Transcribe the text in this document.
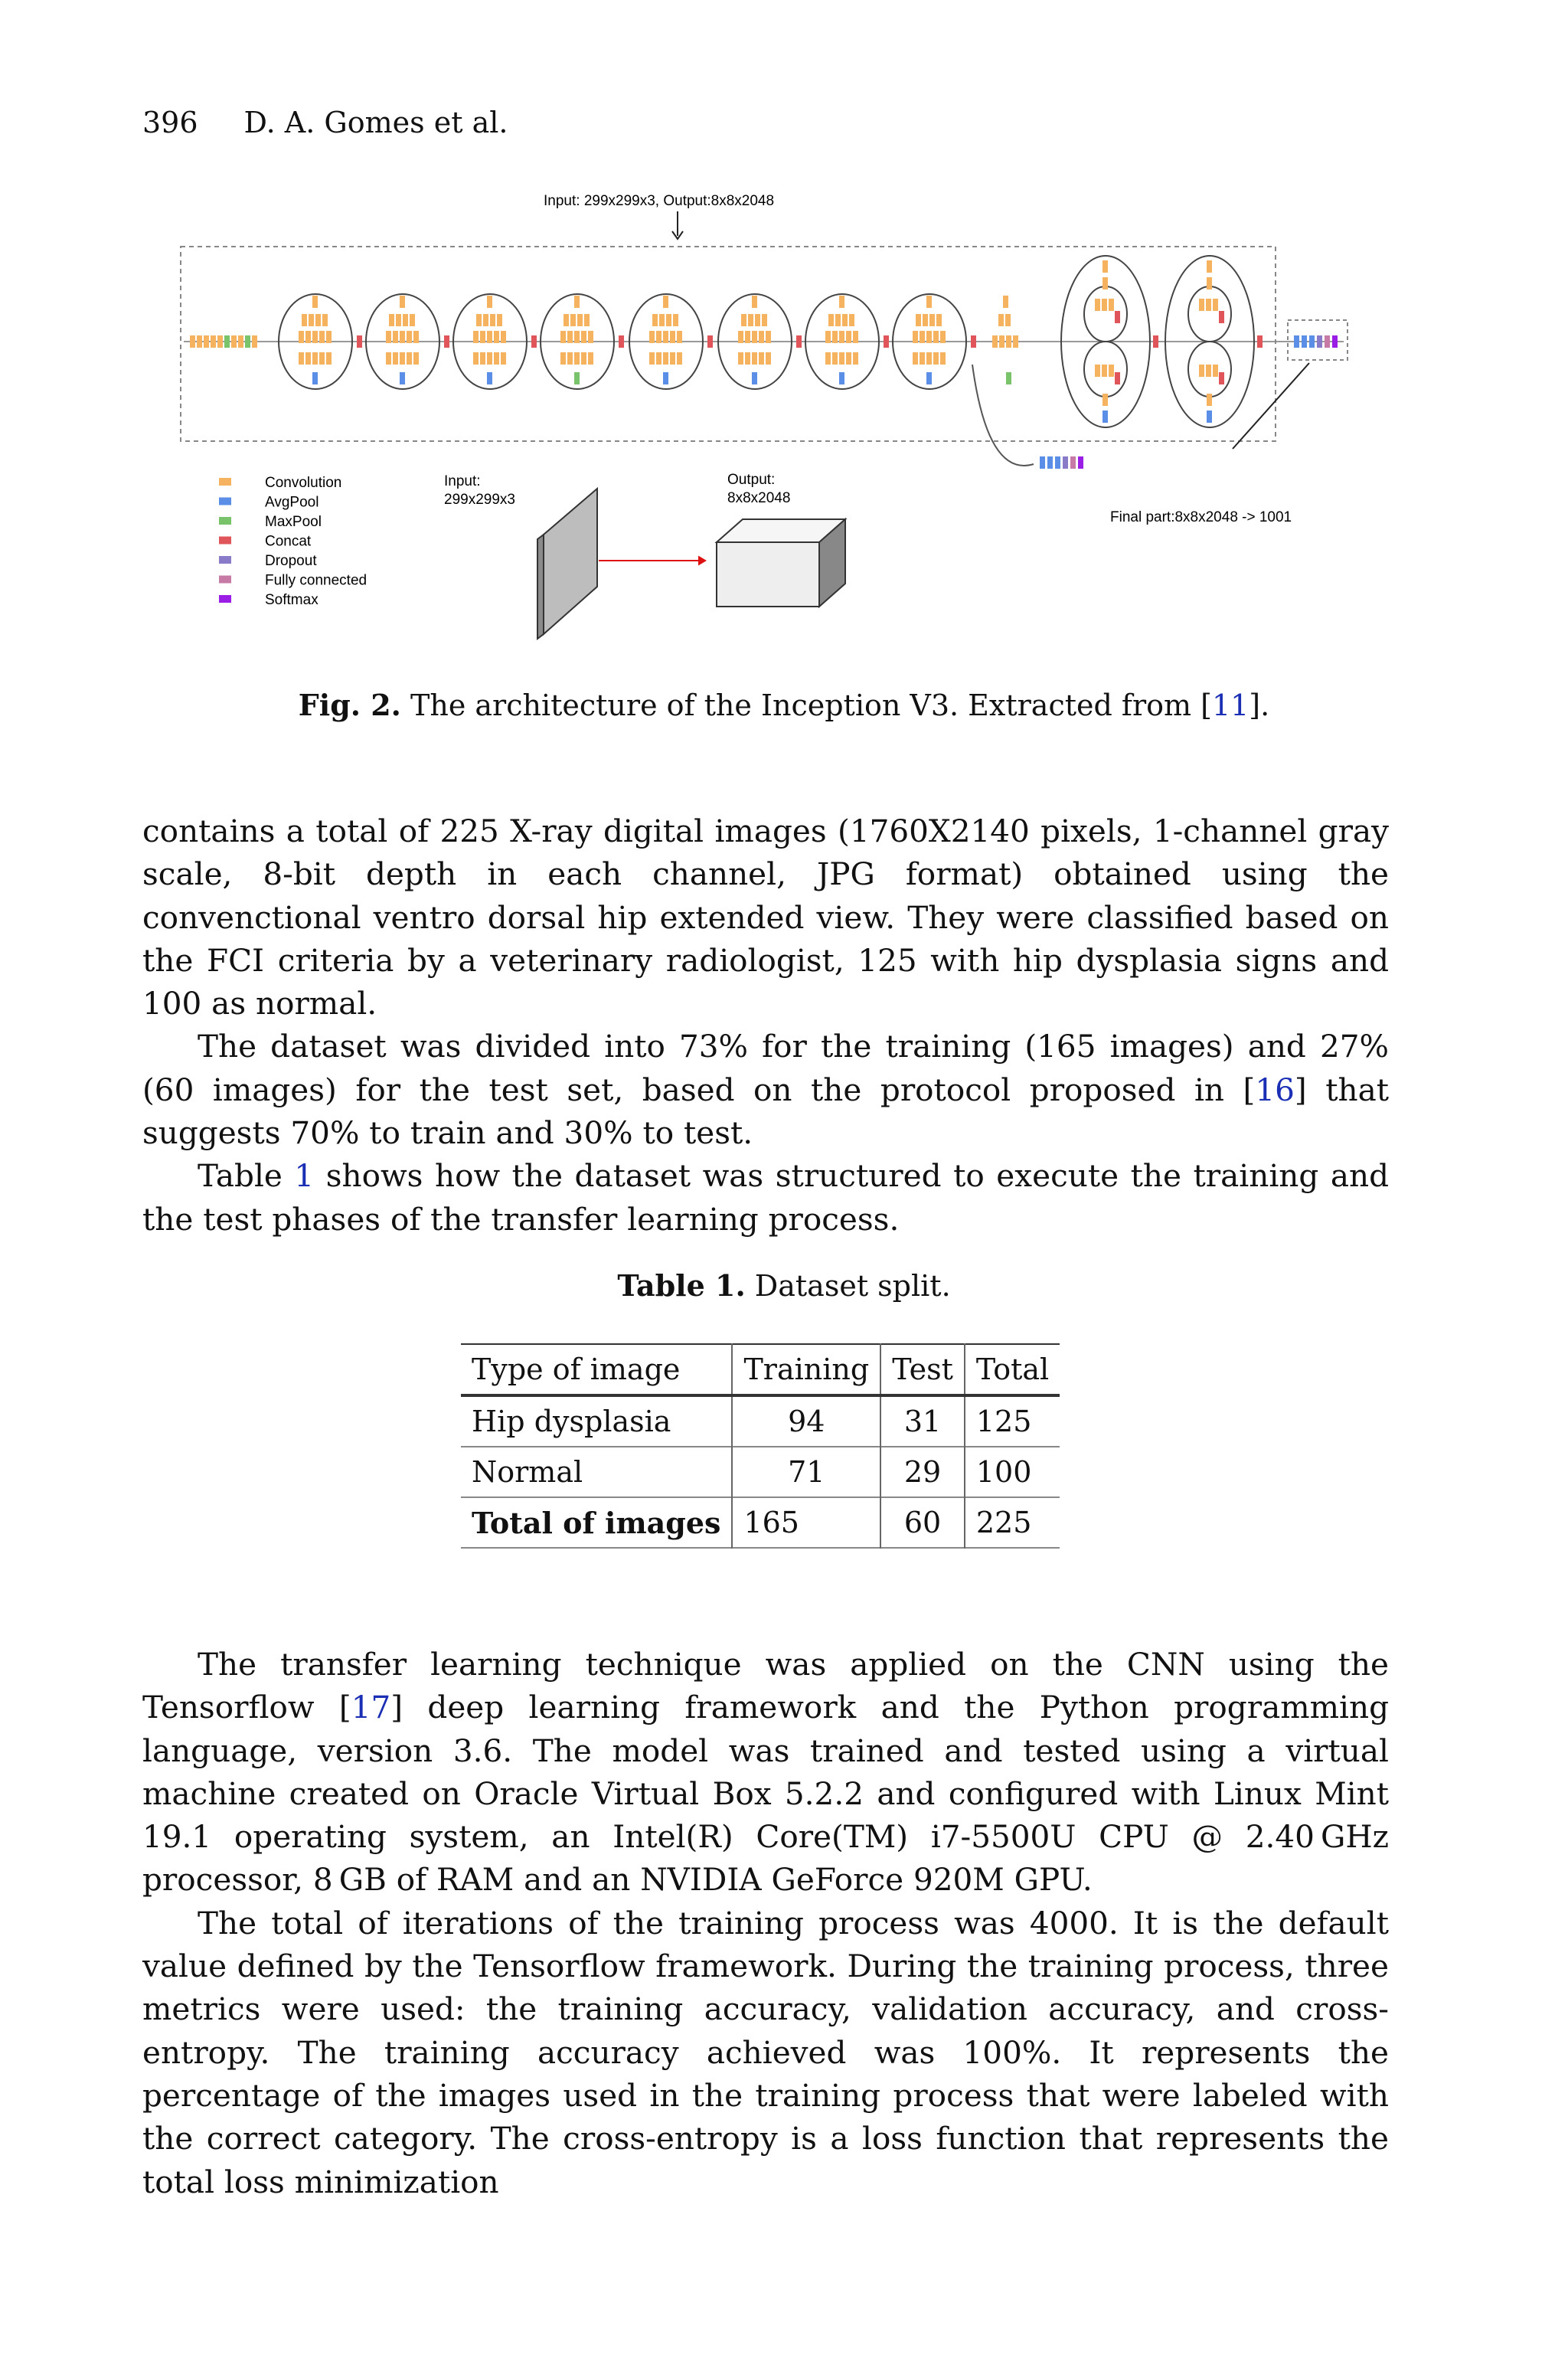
396 D. A. Gomes et al.
Input: 299x299x3, Output:8x8x2048
Convolution
AvgPool
MaxPool
Concat
Dropout
Fully connected
Softmax
Input:
299x299x3
Output:
8x8x2048
Final part:8x8x2048 -> 1001
Fig. 2. The architecture of the Inception V3. Extracted from [11].

contains a total of 225 X-ray digital images (1760X2140 pixels, 1-channel gray scale, 8-bit depth in each channel, JPG format) obtained using the convenctional ventro dorsal hip extended view. They were classified based on the FCI criteria by a veterinary radiologist, 125 with hip dysplasia signs and 100 as normal.

The dataset was divided into 73% for the training (165 images) and 27% (60 images) for the test set, based on the protocol proposed in [16] that suggests 70% to train and 30% to test.

Table 1 shows how the dataset was structured to execute the training and the test phases of the transfer learning process.

Table 1. Dataset split.
Type of image	Training	Test	Total
Hip dysplasia	94	31	125
Normal	71	29	100
Total of images	165	60	225

The transfer learning technique was applied on the CNN using the Tensorflow [17] deep learning framework and the Python programming language, version 3.6. The model was trained and tested using a virtual machine created on Oracle Virtual Box 5.2.2 and configured with Linux Mint 19.1 operating system, an Intel(R) Core(TM) i7-5500U CPU @ 2.40 GHz processor, 8 GB of RAM and an NVIDIA GeForce 920M GPU.

The total of iterations of the training process was 4000. It is the default value defined by the Tensorflow framework. During the training process, three metrics were used: the training accuracy, validation accuracy, and cross-entropy. The training accuracy achieved was 100%. It represents the percentage of the images used in the training process that were labeled with the correct category. The cross-entropy is a loss function that represents the total loss minimization
